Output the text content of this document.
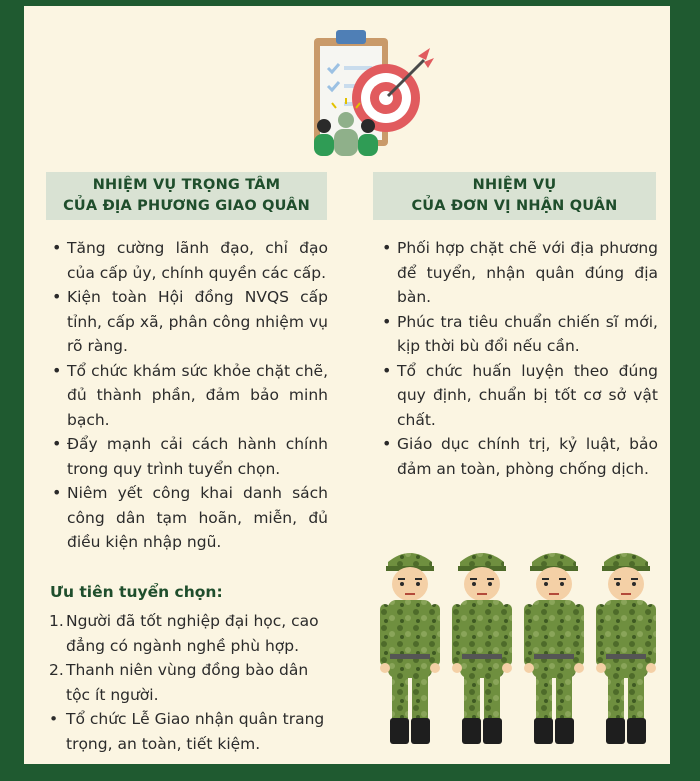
NHIỆM VỤ TRỌNG TÂM
CỦA ĐỊA PHƯƠNG GIAO QUÂN
NHIỆM VỤ
CỦA ĐƠN VỊ NHẬN QUÂN
• Tăng cường lãnh đạo, chỉ đạo của cấp ủy, chính quyền các cấp.
• Kiện toàn Hội đồng NVQS cấp tỉnh, cấp xã, phân công nhiệm vụ rõ ràng.
• Tổ chức khám sức khỏe chặt chẽ, đủ thành phần, đảm bảo minh bạch.
• Đẩy mạnh cải cách hành chính trong quy trình tuyển chọn.
• Niêm yết công khai danh sách công dân tạm hoãn, miễn, đủ điều kiện nhập ngũ.
Ưu tiên tuyển chọn:
1. Người đã tốt nghiệp đại học, cao đẳng có ngành nghề phù hợp.
2. Thanh niên vùng đồng bào dân tộc ít người.
• Tổ chức Lễ Giao nhận quân trang trọng, an toàn, tiết kiệm.
• Phối hợp chặt chẽ với địa phương để tuyển, nhận quân đúng địa bàn.
• Phúc tra tiêu chuẩn chiến sĩ mới, kịp thời bù đổi nếu cần.
• Tổ chức huấn luyện theo đúng quy định, chuẩn bị tốt cơ sở vật chất.
• Giáo dục chính trị, kỷ luật, bảo đảm an toàn, phòng chống dịch.
